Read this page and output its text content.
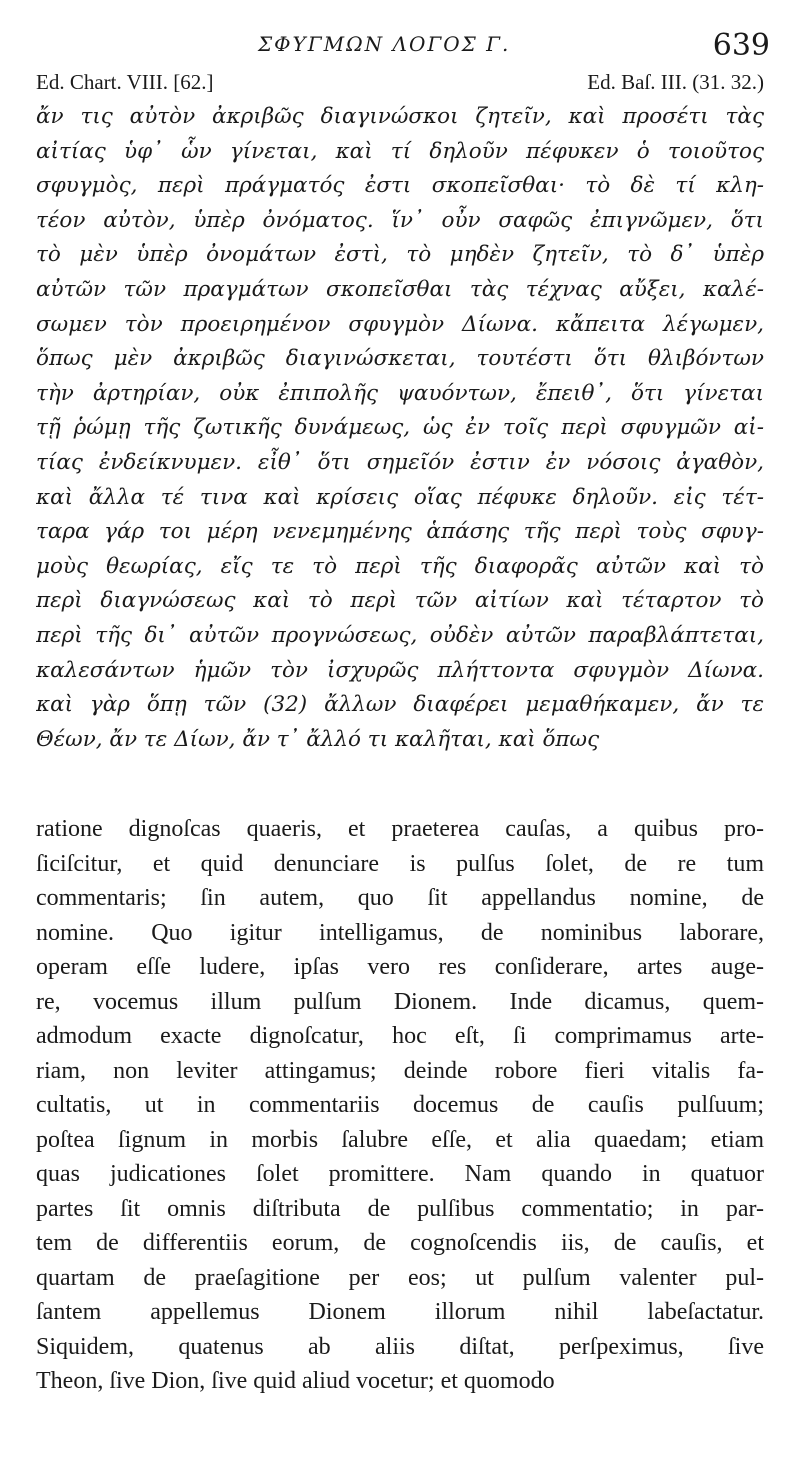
ΣΦΥΓΜΩΝ ΛΟΓΟΣ Γ.	639
Ed. Chart. VIII. [62.]	Ed. Baſ. III. (31. 32.)
ἄν τις αὐτὸν ἀκριβῶς διαγινώσκοι ζητεῖν, καὶ προσέτι τὰς
αἰτίας ὑφ᾽ ὧν γίνεται, καὶ τί δηλοῦν πέφυκεν ὁ τοιοῦτος
σφυγμὸς, περὶ πράγματός ἐστι σκοπεῖσθαι· τὸ δὲ τί κλη-
τέον αὐτὸν, ὑπὲρ ὀνόματος. ἵν᾽ οὖν σαφῶς ἐπιγνῶμεν, ὅτι
τὸ μὲν ὑπὲρ ὀνομάτων ἐστὶ, τὸ μηδὲν ζητεῖν, τὸ δ᾽ ὑπὲρ
αὐτῶν τῶν πραγμάτων σκοπεῖσθαι τὰς τέχνας αὔξει, καλέ-
σωμεν τὸν προειρημένον σφυγμὸν Δίωνα. κἄπειτα λέγωμεν,
ὅπως μὲν ἀκριβῶς διαγινώσκεται, τουτέστι ὅτι θλιβόντων
τὴν ἀρτηρίαν, οὐκ ἐπιπολῆς ψαυόντων, ἔπειθ᾽, ὅτι γίνεται
τῇ ῥώμῃ τῆς ζωτικῆς δυνάμεως, ὡς ἐν τοῖς περὶ σφυγμῶν αἰ-
τίας ἐνδείκνυμεν. εἶθ᾽ ὅτι σημεῖόν ἐστιν ἐν νόσοις ἀγαθὸν,
καὶ ἄλλα τέ τινα καὶ κρίσεις οἵας πέφυκε δηλοῦν. εἰς τέτ-
ταρα γάρ τοι μέρη νενεμημένης ἁπάσης τῆς περὶ τοὺς σφυγ-
μοὺς θεωρίας, εἴς τε τὸ περὶ τῆς διαφορᾶς αὐτῶν καὶ τὸ
περὶ διαγνώσεως καὶ τὸ περὶ τῶν αἰτίων καὶ τέταρτον τὸ
περὶ τῆς δι᾽ αὐτῶν προγνώσεως, οὐδὲν αὐτῶν παραβλάπτεται,
καλεσάντων ἡμῶν τὸν ἰσχυρῶς πλήττοντα σφυγμὸν Δίωνα.
καὶ γὰρ ὅπῃ τῶν (32) ἄλλων διαφέρει μεμαθήκαμεν, ἄν τε
Θέων, ἄν τε Δίων, ἄν τ᾽ ἄλλό τι καλῆται, καὶ ὅπως
ratione dignoſcas quaeris, et praeterea cauſas, a quibus pro-
ſiciſcitur, et quid denunciare is pulſus ſolet, de re tum
commentaris; ſin autem, quo ſit appellandus nomine, de
nomine. Quo igitur intelligamus, de nominibus laborare,
operam eſſe ludere, ipſas vero res conſiderare, artes auge-
re, vocemus illum pulſum Dionem. Inde dicamus, quem-
admodum exacte dignoſcatur, hoc eſt, ſi comprimamus arte-
riam, non leviter attingamus; deinde robore fieri vitalis fa-
cultatis, ut in commentariis docemus de cauſis pulſuum;
poſtea ſignum in morbis ſalubre eſſe, et alia quaedam; etiam
quas judicationes ſolet promittere. Nam quando in quatuor
partes ſit omnis diſtributa de pulſibus commentatio; in par-
tem de differentiis eorum, de cognoſcendis iis, de cauſis, et
quartam de praeſagitione per eos; ut pulſum valenter pul-
ſantem appellemus Dionem illorum nihil labeſactatur.
Siquidem, quatenus ab aliis diſtat, perſpeximus, ſive
Theon, ſive Dion, ſive quid aliud vocetur; et quomodo
